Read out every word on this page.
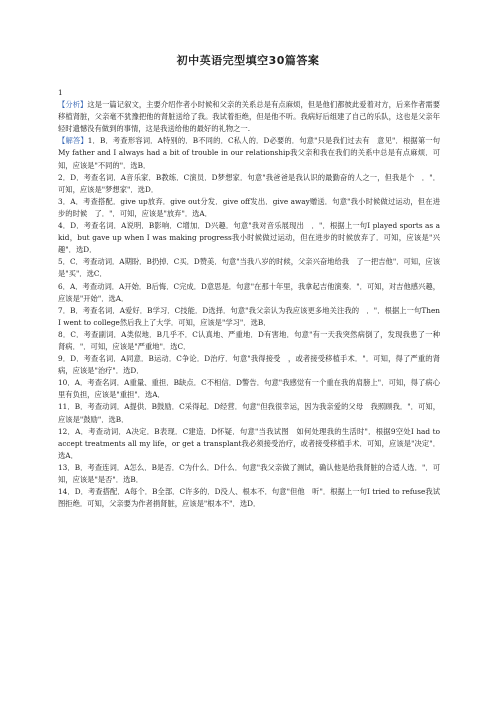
初中英语完型填空30篇答案

1

【分析】这是一篇记叙文，主要介绍作者小时候和父亲的关系总是有点麻烦，但是他们都彼此爱着对方，后来作者需要移植肾脏，父亲毫不犹豫把他的肾脏送给了我。我试着拒绝，但是他不听。我病好后组建了自己的乐队，这也是父亲年轻时遗憾没有做到的事情，这是我送给他的最好的礼物之一.

【解答】1．B．考查形容词．A特别的．B不同的．C私人的．D必要的．句意"只是我们过去有　意见"．根据第一句My father and I always had a bit of trouble in our relationship我父亲和我在我们的关系中总是有点麻烦．可知，应该是"不同的"．选B．

2．D．考查名词．A音乐家．B教练．C演员．D梦想家．句意"我爸爸是我认识的最勤奋的人之一，但我是个　．"．可知，应该是"梦想家"．选D．

3．A．考查搭配．give up放弃．give out分发．give off发出．give away赠送．句意"我小时候做过运动，但在进步的时候　了．"．可知，应该是"放弃"．选A．

4．D．考查名词．A说明．B影响．C增加．D兴趣．句意"我对音乐展现出　．"．根据上一句I played sports as a kid，but gave up when I was making progress我小时候做过运动，但在进步的时候放弃了．可知，应该是"兴趣"．选D．

5．C．考查动词．A期盼．B扔掉．C买．D赞美．句意"当我八岁的时候，父亲兴奋地给我　了一把吉他"．可知，应该是"买"．选C．

6．A．考查动词．A开始．B后悔．C完成．D意思是．句意"在那十年里，我拿起吉他演奏．"．可知，对吉他感兴趣，应该是"开始"．选A．

7．B．考查名词．A爱好．B学习．C技能．D选择．句意"我父亲认为我应该更多地关注我的　．"．根据上一句Then I went to college然后我上了大学．可知，应该是"学习"．选B．

8．C．考查副词．A类似地．B几乎不．C认真地、严重地．D有害地．句意"有一天我突然病倒了，发现我患了一种　肾病．"．可知，应该是"严重地"．选C．

9．D．考查名词．A同意．B运动．C争论．D治疗．句意"我得接受　，或者接受移植手术．"．可知，得了严重的肾病，应该是"治疗"．选D．

10．A．考查名词．A重量、重担．B缺点．C不相信．D警告．句意"我感觉有一个重在我的肩膀上"．可知，得了病心里有负担，应该是"重担"．选A．

11．B．考查动词．A提供．B鼓励．C采得起．D经营．句意"但我很幸运，因为我亲爱的父母　我照顾我．"．可知，应该是"鼓励"．选B．

12．A．考查动词．A决定．B表现．C建造．D怀疑．句意"当我试图　如何处理我的生活时"．根据9空处I had to accept treatments all my life，or get a transplant我必须接受治疗，或者接受移植手术．可知，应该是"决定"．选A．

13．B．考查连词．A怎么．B是否．C为什么．D什么．句意"我父亲做了测试，确认他是给我肾脏的合适人选．"．可知，应该是"是否"．选B．

14．D．考查搭配．A每个．B全部．C许多的．D没人、根本不．句意"但他　听"．根据上一句I tried to refuse我试图拒绝．可知，父亲要为作者捐肾脏，应该是"根本不"．选D．
